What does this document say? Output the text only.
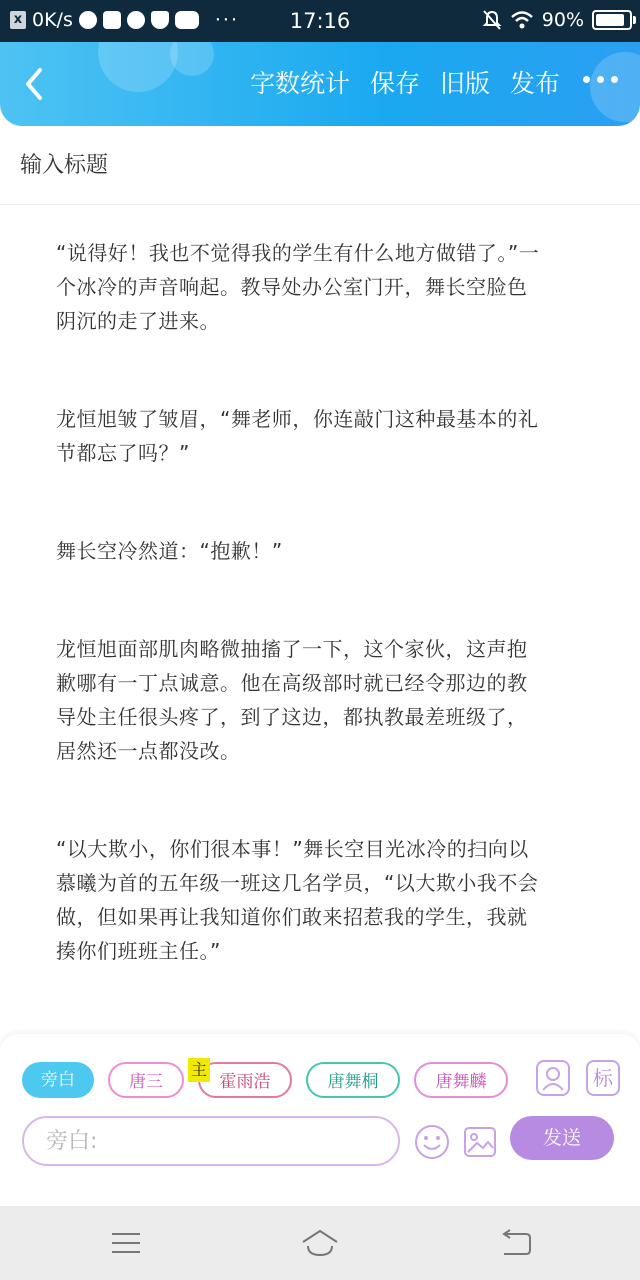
x 0K/s	···	17:16	90%
字数统计 保存 旧版 发布
输入标题

“说得好！我也不觉得我的学生有什么地方做错了。”一个冰冷的声音响起。教导处办公室门开，舞长空脸色阴沉的走了进来。

龙恒旭皱了皱眉，“舞老师，你连敲门这种最基本的礼节都忘了吗？”

舞长空冷然道：“抱歉！”

龙恒旭面部肌肉略微抽搐了一下，这个家伙，这声抱歉哪有一丁点诚意。他在高级部时就已经令那边的教导处主任很头疼了，到了这边，都执教最差班级了，居然还一点都没改。

“以大欺小，你们很本事！”舞长空目光冰冷的扫向以慕曦为首的五年级一班这几名学员，“以大欺小我不会做，但如果再让我知道你们敢来招惹我的学生，我就揍你们班班主任。”

旁白	唐三	霍雨浩
主
唐舞桐	唐舞麟	标
旁白:
发送
